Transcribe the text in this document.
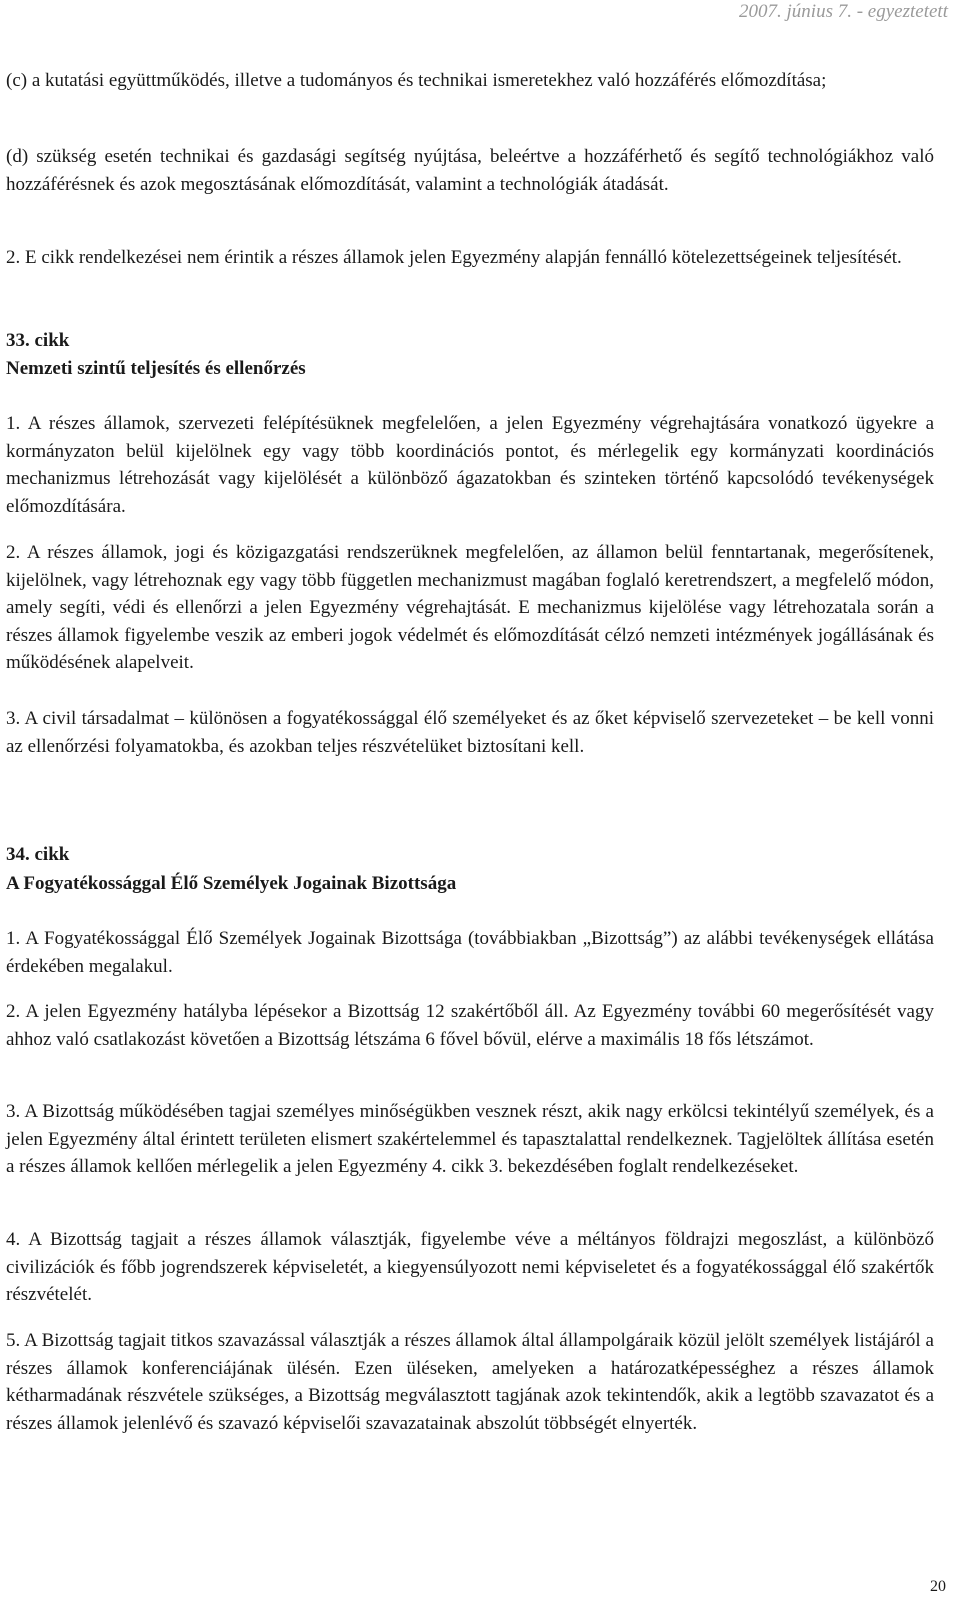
2007. június 7. - egyeztetett
(c) a kutatási együttműködés, illetve a tudományos és technikai ismeretekhez való hozzáférés előmozdítása;
(d) szükség esetén technikai és gazdasági segítség nyújtása, beleértve a hozzáférhető és segítő technológiákhoz való hozzáférésnek és azok megosztásának előmozdítását, valamint a technológiák átadását.
2. E cikk rendelkezései nem érintik a részes államok jelen Egyezmény alapján fennálló kötelezettségeinek teljesítését.
33. cikk
Nemzeti szintű teljesítés és ellenőrzés
1. A részes államok, szervezeti felépítésüknek megfelelően, a jelen Egyezmény végrehajtására vonatkozó ügyekre a kormányzaton belül kijelölnek egy vagy több koordinációs pontot, és mérlegelik egy kormányzati koordinációs mechanizmus létrehozását vagy kijelölését a különböző ágazatokban és szinteken történő kapcsolódó tevékenységek előmozdítására.
2. A részes államok, jogi és közigazgatási rendszerüknek megfelelően, az államon belül fenntartanak, megerősítenek, kijelölnek, vagy létrehoznak egy vagy több független mechanizmust magában foglaló keretrendszert, a megfelelő módon, amely segíti, védi és ellenőrzi a jelen Egyezmény végrehajtását. E mechanizmus kijelölése vagy létrehozatala során a részes államok figyelembe veszik az emberi jogok védelmét és előmozdítását célzó nemzeti intézmények jogállásának és működésének alapelveit.
3. A civil társadalmat – különösen a fogyatékossággal élő személyeket és az őket képviselő szervezeteket – be kell vonni az ellenőrzési folyamatokba, és azokban teljes részvételüket biztosítani kell.
34. cikk
A Fogyatékossággal Élő Személyek Jogainak Bizottsága
1. A Fogyatékossággal Élő Személyek Jogainak Bizottsága (továbbiakban „Bizottság”) az alábbi tevékenységek ellátása érdekében megalakul.
2. A jelen Egyezmény hatályba lépésekor a Bizottság 12 szakértőből áll. Az Egyezmény további 60 megerősítését vagy ahhoz való csatlakozást követően a Bizottság létszáma 6 fővel bővül, elérve a maximális 18 fős létszámot.
3. A Bizottság működésében tagjai személyes minőségükben vesznek részt, akik nagy erkölcsi tekintélyű személyek, és a jelen Egyezmény által érintett területen elismert szakértelemmel és tapasztalattal rendelkeznek. Tagjelöltek állítása esetén a részes államok kellően mérlegelik a jelen Egyezmény 4. cikk 3. bekezdésében foglalt rendelkezéseket.
4. A Bizottság tagjait a részes államok választják, figyelembe véve a méltányos földrajzi megoszlást, a különböző civilizációk és főbb jogrendszerek képviseletét, a kiegyensúlyozott nemi képviseletet és a fogyatékossággal élő szakértők részvételét.
5. A Bizottság tagjait titkos szavazással választják a részes államok által állampolgáraik közül jelölt személyek listájáról a részes államok konferenciájának ülésén. Ezen üléseken, amelyeken a határozatképességhez a részes államok kétharmadának részvétele szükséges, a Bizottság megválasztott tagjának azok tekintendők, akik a legtöbb szavazatot és a részes államok jelenlévő és szavazó képviselői szavazatainak abszolút többségét elnyerték.
20
